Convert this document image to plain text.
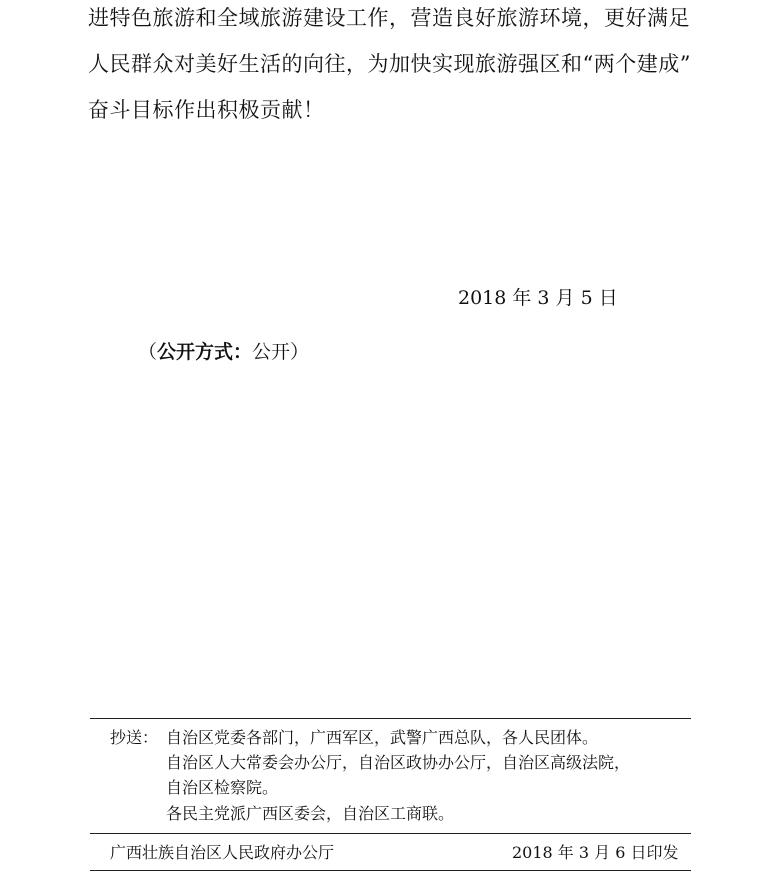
进特色旅游和全域旅游建设工作，营造良好旅游环境，更好满足
人民群众对美好生活的向往，为加快实现旅游强区和“两个建成”
奋斗目标作出积极贡献！
2018 年 3 月 5 日
（公开方式：公开）
抄送： 自治区党委各部门，广西军区，武警广西总队，各人民团体。
自治区人大常委会办公厅，自治区政协办公厅，自治区高级法院，
自治区检察院。
各民主党派广西区委会，自治区工商联。
广西壮族自治区人民政府办公厅	2018 年 3 月 6 日印发
